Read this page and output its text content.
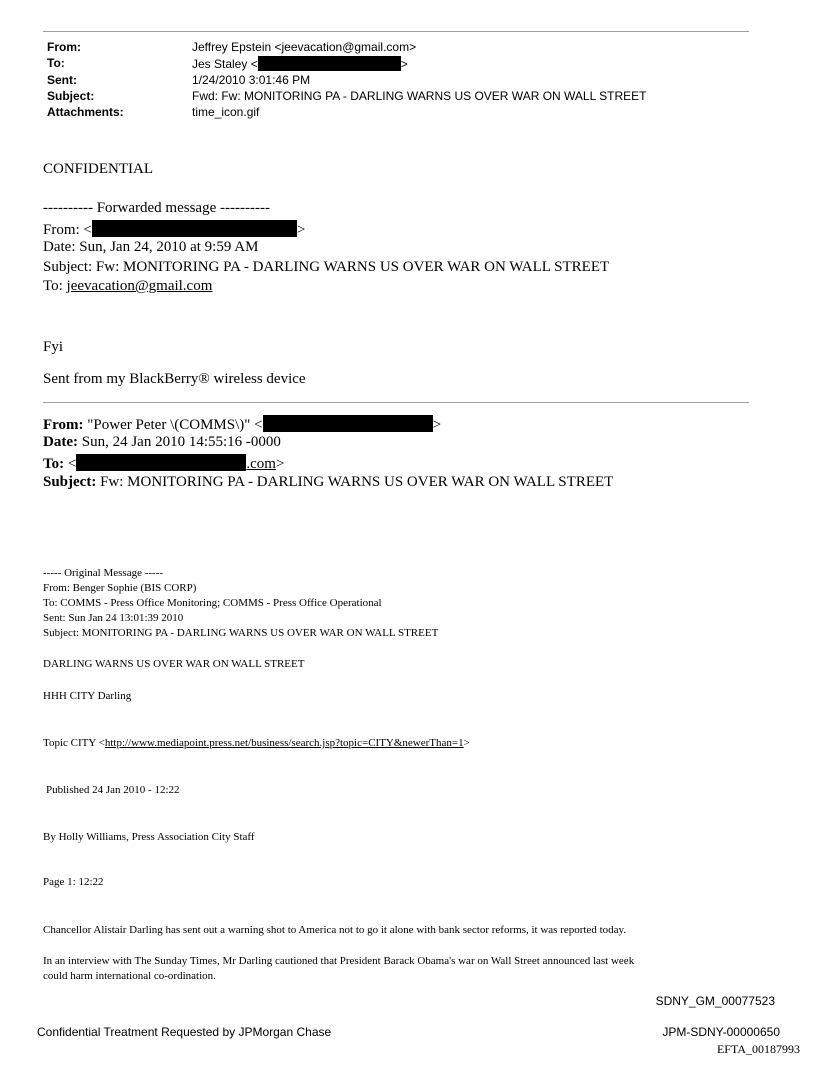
From:	Jeffrey Epstein <jeevacation@gmail.com>
To:	Jes Staley <	>
Sent:	1/24/2010 3:01:46 PM
Subject:	Fwd: Fw: MONITORING PA - DARLING WARNS US OVER WAR ON WALL STREET
Attachments:	time_icon.gif
CONFIDENTIAL
---------- Forwarded message ----------
From: <	>
Date: Sun, Jan 24, 2010 at 9:59 AM
Subject: Fw: MONITORING PA - DARLING WARNS US OVER WAR ON WALL STREET
To: jeevacation@gmail.com
Fyi
Sent from my BlackBerry® wireless device
From: "Power Peter \(COMMS\)" <	>
Date: Sun, 24 Jan 2010 14:55:16 -0000
To: <	.com>
Subject: Fw: MONITORING PA - DARLING WARNS US OVER WAR ON WALL STREET
----- Original Message -----
From: Benger Sophie (BIS CORP)
To: COMMS - Press Office Monitoring; COMMS - Press Office Operational
Sent: Sun Jan 24 13:01:39 2010
Subject: MONITORING PA - DARLING WARNS US OVER WAR ON WALL STREET
DARLING WARNS US OVER WAR ON WALL STREET
HHH CITY Darling
Topic CITY <http://www.mediapoint.press.net/business/search.jsp?topic=CITY&newerThan=1>
Published 24 Jan 2010 - 12:22
By Holly Williams, Press Association City Staff
Page 1: 12:22
Chancellor Alistair Darling has sent out a warning shot to America not to go it alone with bank sector reforms, it was reported today.
In an interview with The Sunday Times, Mr Darling cautioned that President Barack Obama's war on Wall Street announced last week
could harm international co-ordination.
SDNY_GM_00077523
Confidential Treatment Requested by JPMorgan Chase	JPM-SDNY-00000650
EFTA_00187993
